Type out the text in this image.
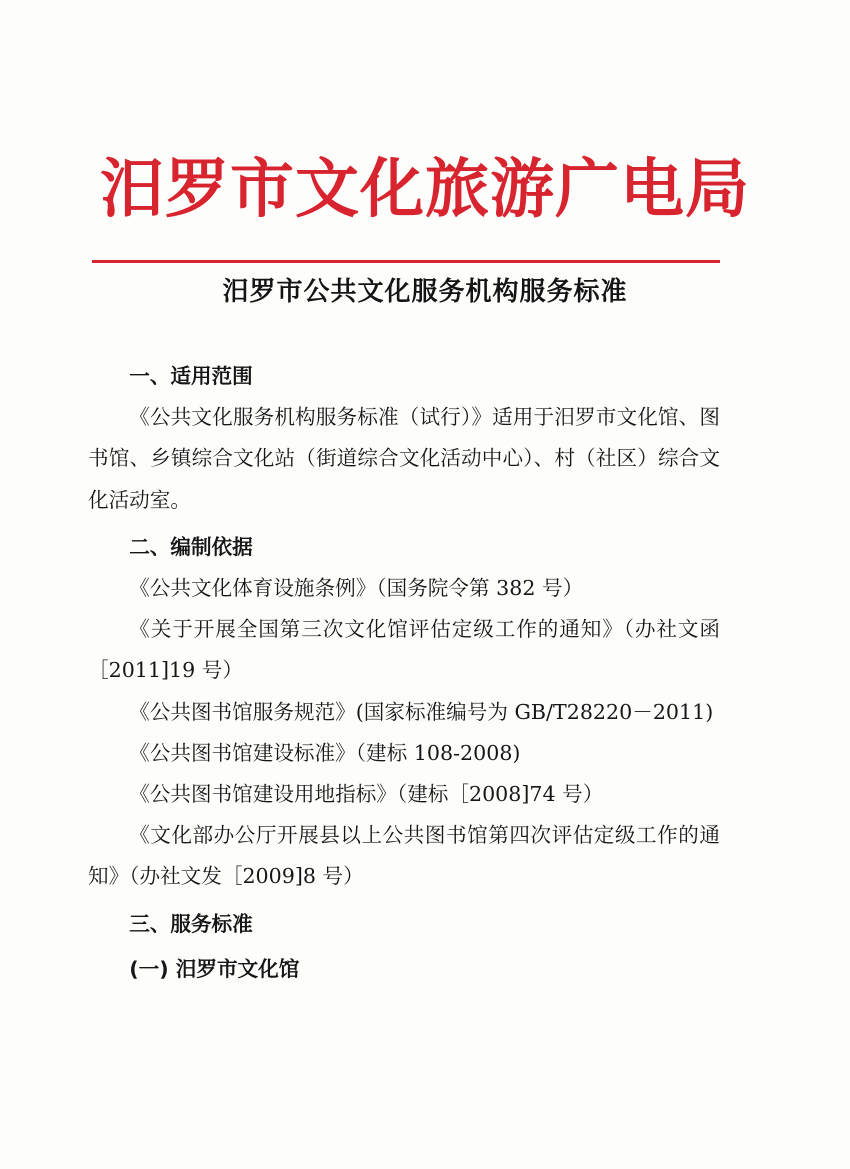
汨罗市文化旅游广电局
汨罗市公共文化服务机构服务标准

一、适用范围

《公共文化服务机构服务标准（试行）》适用于汨罗市文化馆、图书馆、乡镇综合文化站（街道综合文化活动中心）、村（社区）综合文化活动室。

二、编制依据

《公共文化体育设施条例》（国务院令第 382 号）

《关于开展全国第三次文化馆评估定级工作的通知》（办社文函［2011]19 号）

《公共图书馆服务规范》(国家标准编号为 GB/T28220－2011)

《公共图书馆建设标准》（建标 108-2008)

《公共图书馆建设用地指标》（建标［2008]74 号）

《文化部办公厅开展县以上公共图书馆第四次评估定级工作的通知》（办社文发［2009]8 号）

三、服务标准

(一) 汨罗市文化馆
